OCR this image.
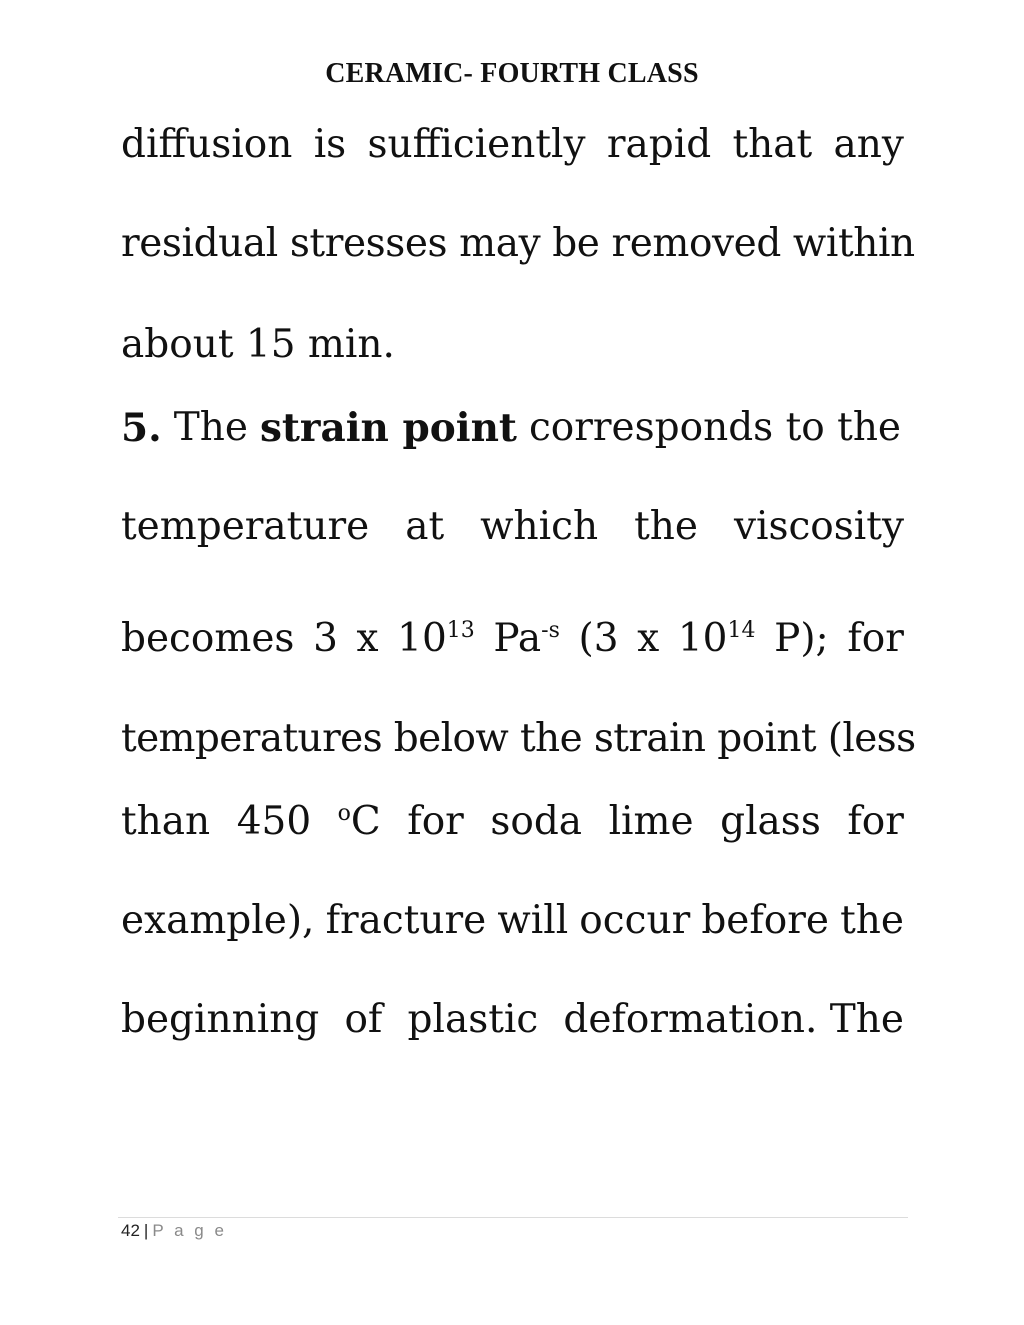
CERAMIC- FOURTH CLASS
diffusion is sufficiently rapid that any
residual stresses may be removed within
about 15 min.
5. The strain point corresponds to the
temperature at which the viscosity
becomes 3 x $10^{13}$ $Pa^{-s}$ (3 x $10^{14}$ P); for
temperatures below the strain point (less
than 450 $^o$C for soda lime glass for
example), fracture will occur before the
beginning of plastic deformation. The
42 | P a g e
